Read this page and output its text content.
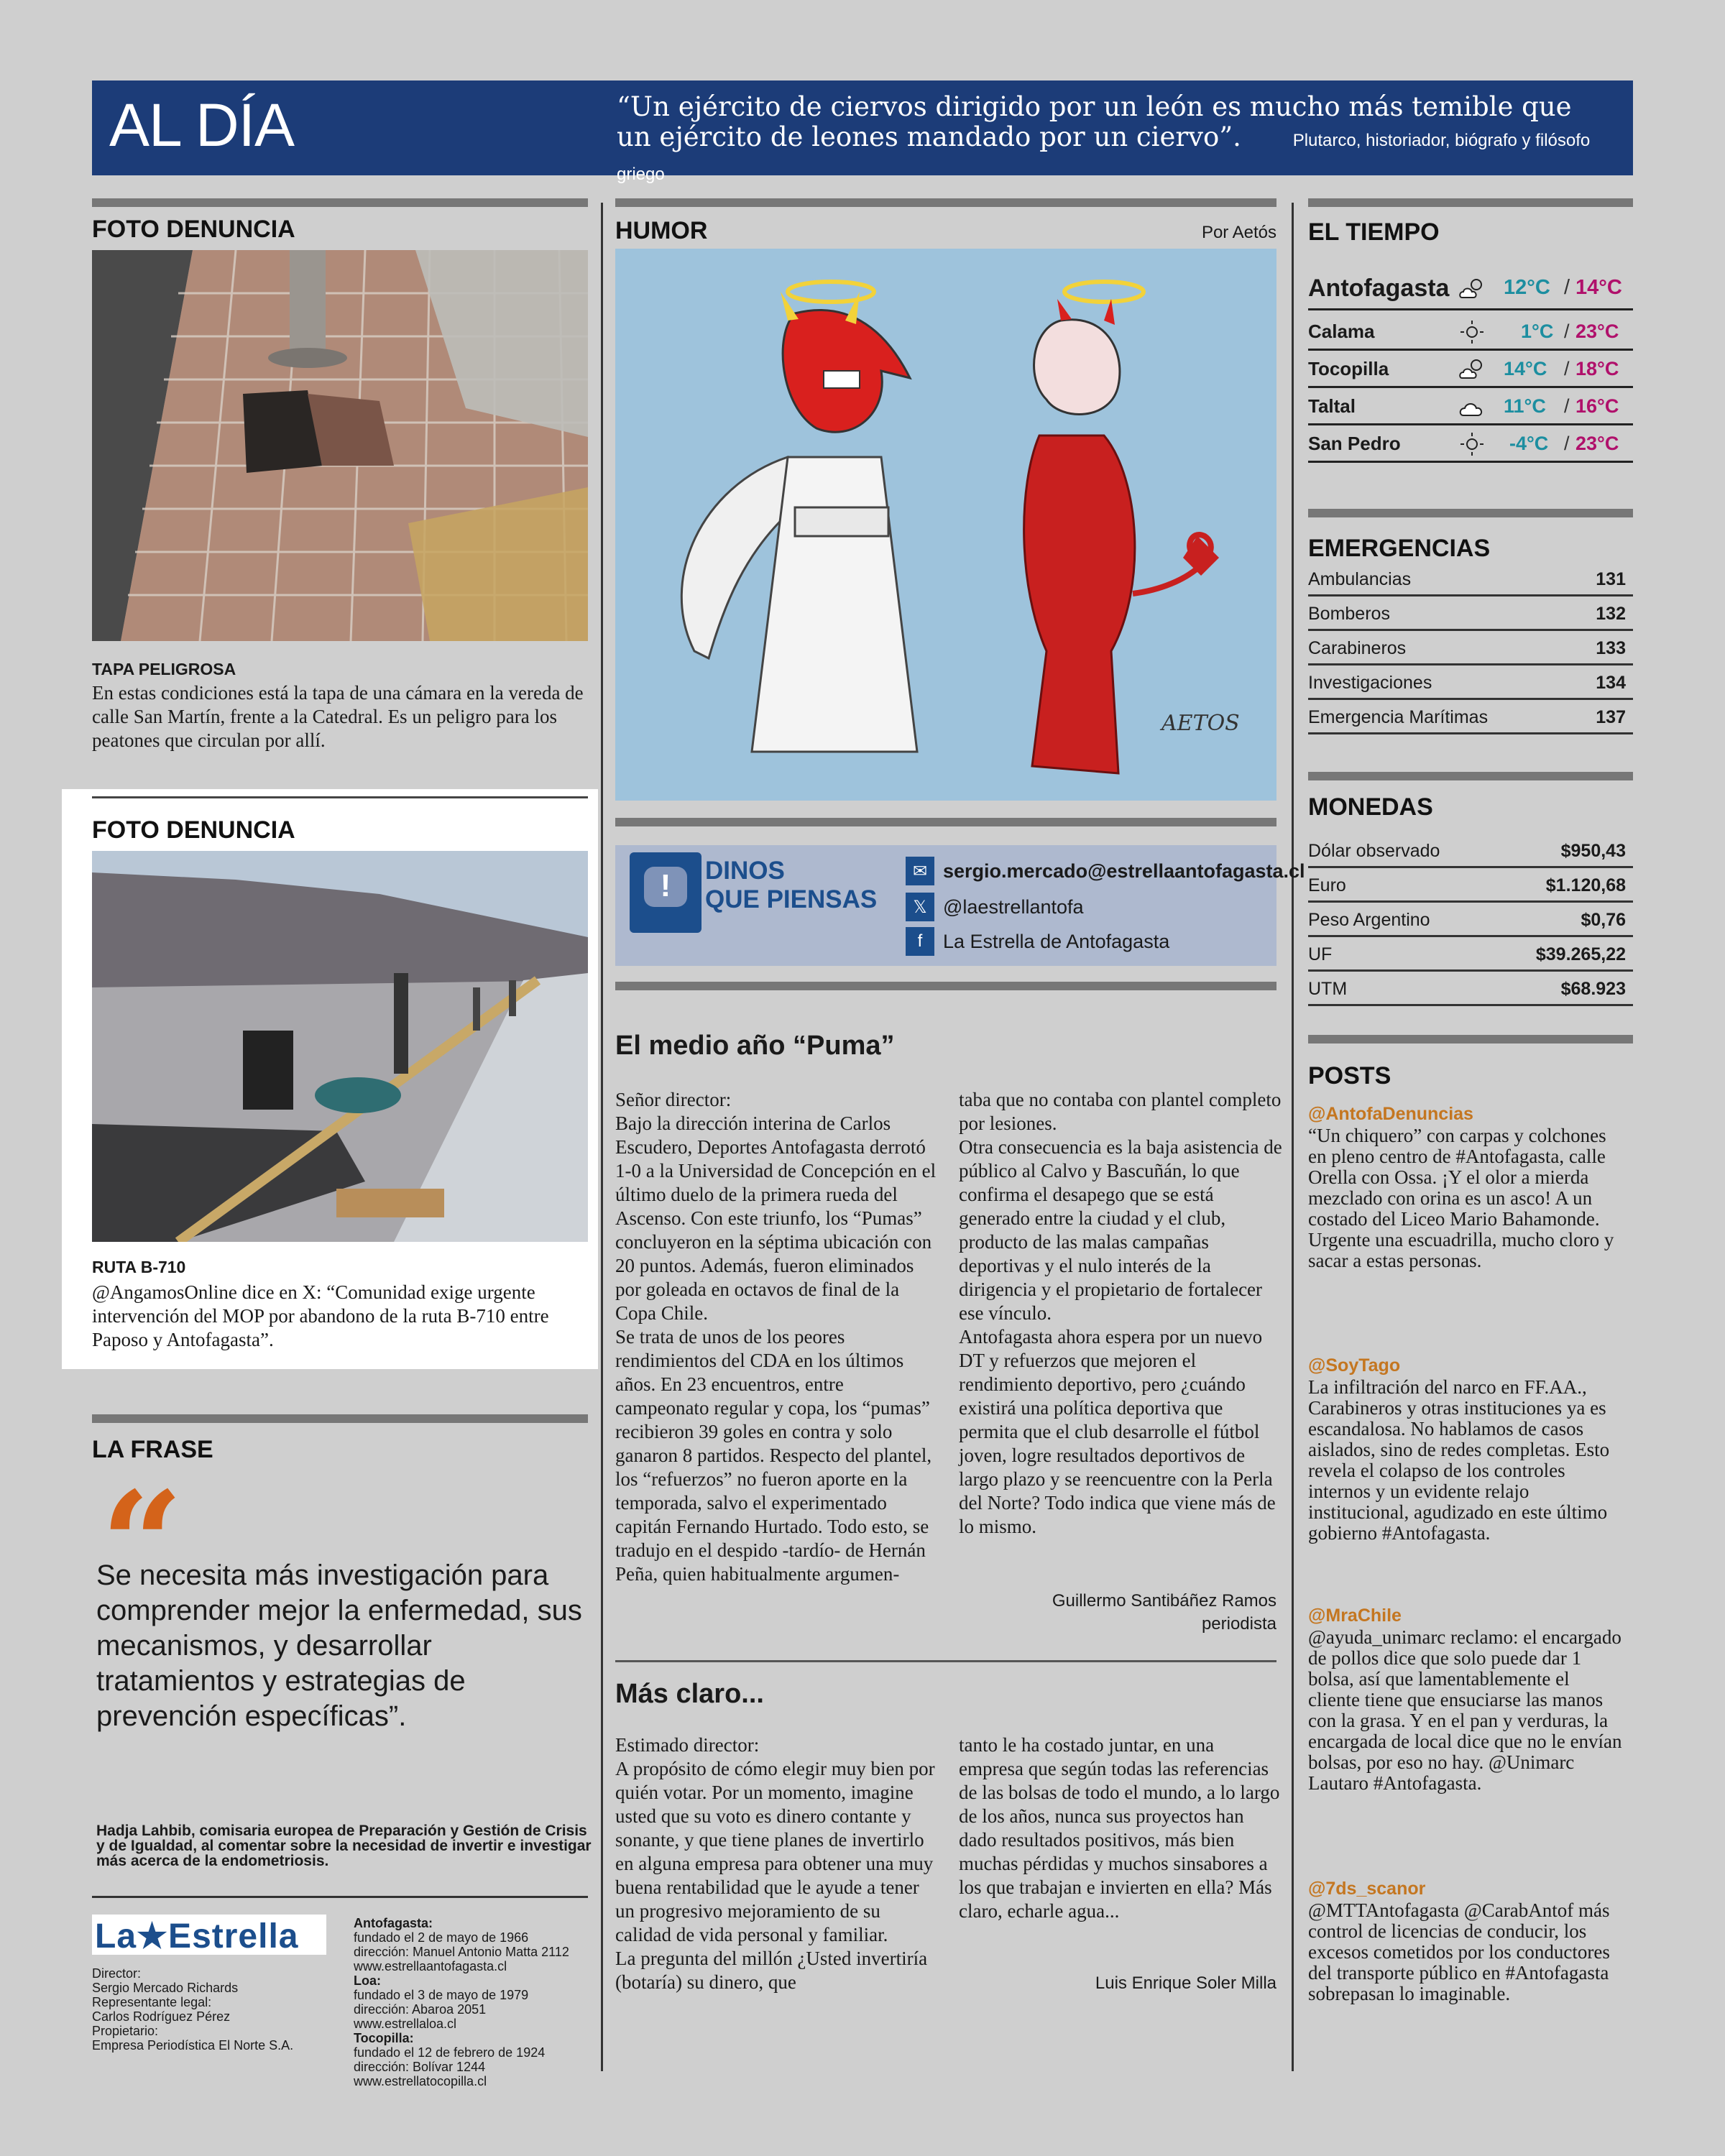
AL DÍA	“Un ejército de ciervos dirigido por un león es mucho más temible que un ejército de leones mandado por un ciervo”.	Plutarco, historiador, biógrafo y filósofo griego
FOTO DENUNCIA
TAPA PELIGROSA
En estas condiciones está la tapa de una cámara en la vereda de calle San Martín, frente a la Catedral. Es un peligro para los peatones que circulan por allí.
FOTO DENUNCIA
RUTA B-710
@AngamosOnline dice en X: “Comunidad exige urgente intervención del MOP por abandono de la ruta B-710 entre Paposo y Antofagasta”.
LA FRASE
“
Se necesita más investigación para comprender mejor la enfermedad, sus mecanismos, y desarrollar tratamientos y estrategias de prevención específicas”.
Hadja Lahbib, comisaria europea de Preparación y Gestión de Crisis y de Igualdad, al comentar sobre la necesidad de invertir e investigar más acerca de la endometriosis.
La★Estrella
Director:
Sergio Mercado Richards
Representante legal:
Carlos Rodríguez Pérez
Propietario:
Empresa Periodística El Norte S.A.
Antofagasta:
fundado el 2 de mayo de 1966
dirección: Manuel Antonio Matta 2112
www.estrellaantofagasta.cl
Loa:
fundado el 3 de mayo de 1979
dirección: Abaroa 2051
www.estrellaloa.cl
Tocopilla:
fundado el 12 de febrero de 1924
dirección: Bolívar 1244
www.estrellatocopilla.cl
HUMOR	Por Aetós
AETOS
!	DINOS
QUE PIENSAS
✉ sergio.mercado@estrellaantofagasta.cl
𝕏 @laestrellantofa
f	La Estrella de Antofagasta
El medio año “Puma”
Señor director:
Bajo la dirección interina de Carlos Escudero, Deportes Antofagasta derrotó 1-0 a la Universidad de Concepción en el último duelo de la primera rueda del Ascenso. Con este triunfo, los “Pumas” concluyeron en la séptima ubicación con 20 puntos. Además, fueron eliminados por goleada en octavos de final de la Copa Chile.
Se trata de unos de los peores rendimientos del CDA en los últimos años. En 23 encuentros, entre campeonato regular y copa, los “pumas” recibieron 39 goles en contra y solo ganaron 8 partidos. Respecto del plantel, los “refuerzos” no fueron aporte en la temporada, salvo el experimentado capitán Fernando Hurtado. Todo esto, se tradujo en el despido -tardío- de Hernán Peña, quien habitualmente argumen-
taba que no contaba con plantel completo por lesiones.
Otra consecuencia es la baja asistencia de público al Calvo y Bascuñán, lo que confirma el desapego que se está generado entre la ciudad y el club, producto de las malas campañas deportivas y el nulo interés de la dirigencia y el propietario de fortalecer ese vínculo.
Antofagasta ahora espera por un nuevo DT y refuerzos que mejoren el rendimiento deportivo, pero ¿cuándo existirá una política deportiva que permita que el club desarrolle el fútbol joven, logre resultados deportivos de largo plazo y se reencuentre con la Perla del Norte? Todo indica que viene más de lo mismo.
Guillermo Santibáñez Ramos
periodista
Más claro...
Estimado director:
A propósito de cómo elegir muy bien por quién votar. Por un momento, imagine usted que su voto es dinero contante y sonante, y que tiene planes de invertirlo en alguna empresa para obtener una muy buena rentabilidad que le ayude a tener un progresivo mejoramiento de su calidad de vida personal y familiar.
La pregunta del millón ¿Usted invertiría (botaría) su dinero, que
tanto le ha costado juntar, en una empresa que según todas las referencias de las bolsas de todo el mundo, a lo largo de los años, nunca sus proyectos han dado resultados positivos, más bien muchas pérdidas y muchos sinsabores a los que trabajan e invierten en ella? Más claro, echarle agua...
Luis Enrique Soler Milla
EL TIEMPO
Antofagasta	12°C / 14°C
Calama	1°C / 23°C
Tocopilla	14°C / 18°C
Taltal	11°C / 16°C
San Pedro	-4°C / 23°C
EMERGENCIAS
Ambulancias	131
Bomberos	132
Carabineros	133
Investigaciones	134
Emergencia Marítimas	137
MONEDAS
Dólar observado	$950,43
Euro	$1.120,68
Peso Argentino	$0,76
UF	$39.265,22
UTM	$68.923
POSTS
@AntofaDenuncias
“Un chiquero” con carpas y colchones en pleno centro de #Antofagasta, calle Orella con Ossa. ¡Y el olor a mierda mezclado con orina es un asco! A un costado del Liceo Mario Bahamonde. Urgente una escuadrilla, mucho cloro y sacar a estas personas.
@SoyTago
La infiltración del narco en FF.AA., Carabineros y otras instituciones ya es escandalosa. No hablamos de casos aislados, sino de redes completas. Esto revela el colapso de los controles internos y un evidente relajo institucional, agudizado en este último gobierno #Antofagasta.
@MraChile
@ayuda_unimarc reclamo: el encargado de pollos dice que solo puede dar 1 bolsa, así que lamentablemente el cliente tiene que ensuciarse las manos con la grasa. Y en el pan y verduras, la encargada de local dice que no le envían bolsas, por eso no hay. @Unimarc Lautaro #Antofagasta.
@7ds_scanor
@MTTAntofagasta @CarabAntof más control de licencias de conducir, los excesos cometidos por los conductores del transporte público en #Antofagasta sobrepasan lo imaginable.
